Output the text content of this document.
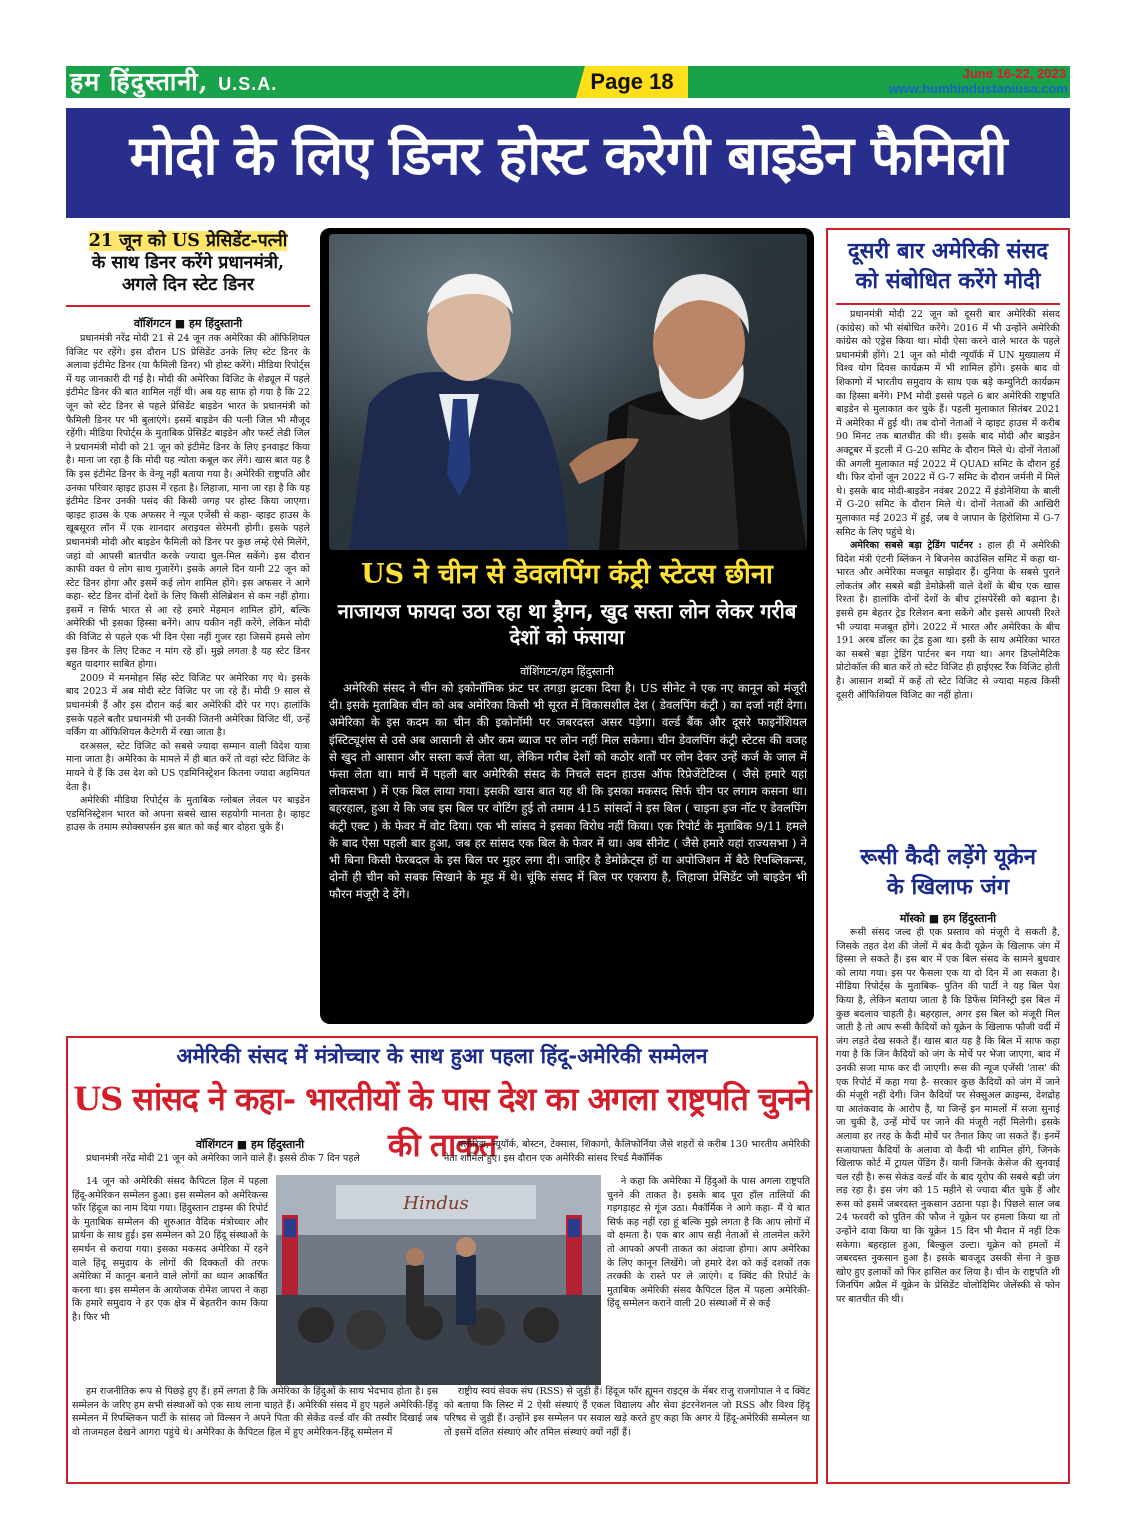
हम हिंदुस्तानी, U.S.A.	Page 18	June 16-22, 2023
www.humhindustaniusa.com
मोदी के लिए डिनर होस्ट करेगी बाइडेन फैमिली
21 जून को US प्रेसिडेंट-पत्नी
के साथ डिनर करेंगे प्रधानमंत्री,
अगले दिन स्टेट डिनर
वॉशिंगटन ■ हम हिंदुस्तानी

प्रधानमंत्री नरेंद्र मोदी 21 से 24 जून तक अमेरिका की ऑफिशियल विजिट पर रहेंगे। इस दौरान US प्रेसिडेंट उनके लिए स्टेट डिनर के अलावा इंटीमेट डिनर (या फैमिली डिनर) भी होस्ट करेंगे। मीडिया रिपोर्ट्स में यह जानकारी दी गई है। मोदी की अमेरिका विजिट के शेड्यूल में पहले इंटीमेट डिनर की बात शामिल नहीं थी। अब यह साफ हो गया है कि 22 जून को स्टेट डिनर से पहले प्रेसिडेंट बाइडेन भारत के प्रधानमंत्री को फैमिली डिनर पर भी बुलाएंगे। इसमें बाइडेन की पत्नी जिल भी मौजूद रहेंगी। मीडिया रिपोर्ट्स के मुताबिक प्रेसिडेंट बाइडेन और फर्स्ट लेडी जिल ने प्रधानमंत्री मोदी को 21 जून को इंटीमेट डिनर के लिए इनवाइट किया है। माना जा रहा है कि मोदी यह न्योता कबूल कर लेंगे। खास बात यह है कि इस इंटीमेट डिनर के वेन्यू नहीं बताया गया है। अमेरिकी राष्ट्रपति और उनका परिवार व्हाइट हाउस में रहता है। लिहाजा, माना जा रहा है कि यह इंटीमेट डिनर उनकी पसंद की किसी जगह पर होस्ट किया जाएगा। व्हाइट हाउस के एक अफसर ने न्यूज एजेंसी से कहा- व्हाइट हाउस के खूबसूरत लॉन में एक शानदार अराइवल सेरेमनी होगी। इसके पहले प्रधानमंत्री मोदी और बाइडेन फैमिली को डिनर पर कुछ लम्हे ऐसे मिलेंगे, जहां वो आपसी बातचीत करके ज्यादा घुल-मिल सकेंगे। इस दौरान काफी वक्त ये लोग साथ गुजारेंगे। इसके अगले दिन यानी 22 जून को स्टेट डिनर होगा और इसमें कई लोग शामिल होंगे। इस अफसर ने आगे कहा- स्टेट डिनर दोनों देशों के लिए किसी सेलिब्रेशन से कम नहीं होगा। इसमें न सिर्फ भारत से आ रहे हमारे मेहमान शामिल होंगे, बल्कि अमेरिकी भी इसका हिस्सा बनेंगे। आप यकीन नहीं करेंगे, लेकिन मोदी की विजिट से पहले एक भी दिन ऐसा नहीं गुजर रहा जिसमें हमसे लोग इस डिनर के लिए टिकट न मांग रहे हों। मुझे लगता है यह स्टेट डिनर बहुत यादगार साबित होगा।

2009 में मनमोहन सिंह स्टेट विजिट पर अमेरिका गए थे। इसके बाद 2023 में अब मोदी स्टेट विजिट पर जा रहे हैं। मोदी 9 साल से प्रधानमंत्री हैं और इस दौरान कई बार अमेरिकी दौरे पर गए। हालांकि इसके पहले बतौर प्रधानमंत्री भी उनकी जितनी अमेरिका विजिट थीं, उन्हें वर्किंग या ऑफिशियल कैटेगरी में रखा जाता है।

दरअसल, स्टेट विजिट को सबसे ज्यादा सम्मान वाली विदेश यात्रा माना जाता है। अमेरिका के मामले में ही बात करें तो वहां स्टेट विजिट के मायने ये हैं कि उस देश को US एडमिनिस्ट्रेशन कितना ज्यादा अहमियत देता है।

अमेरिकी मीडिया रिपोर्ट्स के मुताबिक ग्लोबल लेवल पर बाइडेन एडमिनिस्ट्रेशन भारत को अपना सबसे खास सहयोगी मानता है। व्हाइट हाउस के तमाम स्पोक्सपर्सन इस बात को कई बार दोहरा चुके हैं।

US ने चीन से डेवलपिंग कंट्री स्टेटस छीना
नाजायज फायदा उठा रहा था ड्रैगन, खुद सस्ता लोन लेकर गरीब देशों को फंसाया
वॉशिंगटन/हम हिंदुस्तानी

अमेरिकी संसद ने चीन को इकोनॉमिक फ्रंट पर तगड़ा झटका दिया है। US सीनेट ने एक नए कानून को मंजूरी दी। इसके मुताबिक चीन को अब अमेरिका किसी भी सूरत में विकासशील देश ( डेवलपिंग कंट्री ) का दर्जा नहीं देगा। अमेरिका के इस कदम का चीन की इकोनॉमी पर जबरदस्त असर पड़ेगा। वर्ल्ड बैंक और दूसरे फाइनेंशियल इंस्टिट्यूशंस से उसे अब आसानी से और कम ब्याज पर लोन नहीं मिल सकेगा। चीन डेवलपिंग कंट्री स्टेटस की वजह से खुद तो आसान और सस्ता कर्ज लेता था, लेकिन गरीब देशों को कठोर शर्तों पर लोन देकर उन्हें कर्ज के जाल में फंसा लेता था। मार्च में पहली बार अमेरिकी संसद के निचले सदन हाउस ऑफ रिप्रेजेंटेटिव्स ( जैसे हमारे यहां लोकसभा ) में एक बिल लाया गया। इसकी खास बात यह थी कि इसका मकसद सिर्फ चीन पर लगाम कसना था। बहरहाल, हुआ ये कि जब इस बिल पर वोटिंग हुई तो तमाम 415 सांसदों ने इस बिल ( चाइना इज नॉट ए डेवलपिंग कंट्री एक्ट ) के फेवर में वोट दिया। एक भी सांसद ने इसका विरोध नहीं किया। एक रिपोर्ट के मुताबिक 9/11 हमले के बाद ऐसा पहली बार हुआ, जब हर सांसद एक बिल के फेवर में था। अब सीनेट ( जैसे हमारे यहां राज्यसभा ) ने भी बिना किसी फेरबदल के इस बिल पर मुहर लगा दी। जाहिर है डेमोक्रेट्स हों या अपोजिशन में बैठे रिपब्लिकन्स, दोनों ही चीन को सबक सिखाने के मूड में थे। चूंकि संसद में बिल पर एकराय है, लिहाजा प्रेसिडेंट जो बाइडेन भी फौरन मंजूरी दे देंगे।

दूसरी बार अमेरिकी संसद
को संबोधित करेंगे मोदी

प्रधानमंत्री मोदी 22 जून को दूसरी बार अमेरिकी संसद (कांग्रेस) को भी संबोधित करेंगे। 2016 में भी उन्होंने अमेरिकी कांग्रेस को एड्रेस किया था। मोदी ऐसा करने वाले भारत के पहले प्रधानमंत्री होंगे। 21 जून को मोदी न्यूयॉर्क में UN मुख्यालय में विश्व योग दिवस कार्यक्रम में भी शामिल होंगे। इसके बाद वो शिकागो में भारतीय समुदाय के साथ एक बड़े कम्युनिटी कार्यक्रम का हिस्सा बनेंगे। PM मोदी इससे पहले 6 बार अमेरिकी राष्ट्रपति बाइडेन से मुलाकात कर चुके हैं। पहली मुलाकात सितंबर 2021 में अमेरिका में हुई थी। तब दोनों नेताओं ने व्हाइट हाउस में करीब 90 मिनट तक बातचीत की थी। इसके बाद मोदी और बाइडेन अक्टूबर में इटली में G-20 समिट के दौरान मिले थे। दोनों नेताओं की अगली मुलाकात मई 2022 में QUAD समिट के दौरान हुई थी। फिर दोनों जून 2022 में G-7 समिट के दौरान जर्मनी में मिले थे। इसके बाद मोदी-बाइडेन नवंबर 2022 में इंडोनेशिया के बाली में G-20 समिट के दौरान मिले थे। दोनों नेताओं की आखिरी मुलाकात मई 2023 में हुई, जब वे जापान के हिरोशिमा में G-7 समिट के लिए पहुंचे थे।

अमेरिका सबसे बड़ा ट्रेडिंग पार्टनर : हाल ही में अमेरिकी विदेश मंत्री एंटनी ब्लिंकन ने बिजनेस काउंसिल समिट में कहा था- भारत और अमेरिका मजबूत साझेदार हैं। दुनिया के सबसे पुराने लोकतंत्र और सबसे बड़ी डेमोक्रेसी वाले देशों के बीच एक खास रिश्ता है। हालांकि दोनों देशों के बीच ट्रांसपेरेंसी को बढ़ाना है। इससे हम बेहतर ट्रेड रिलेशन बना सकेंगे और इससे आपसी रिश्ते भी ज्यादा मजबूत होंगे। 2022 में भारत और अमेरिका के बीच 191 अरब डॉलर का ट्रेड हुआ था। इसी के साथ अमेरिका भारत का सबसे बड़ा ट्रेडिंग पार्टनर बन गया था। अगर डिप्लोमैटिक प्रोटोकॉल की बात करें तो स्टेट विजिट ही हाईएस्ट रैंक विजिट होती है। आसान शब्दों में कहें तो स्टेट विजिट से ज्यादा महत्व किसी दूसरी ऑफिशियल विजिट का नहीं होता।

रूसी कैदी लड़ेंगे यूक्रेन
के खिलाफ जंग
मॉस्को ■ हम हिंदुस्तानी

रूसी संसद जल्द ही एक प्रस्ताव को मंजूरी दे सकती है, जिसके तहत देश की जेलों में बंद कैदी यूक्रेन के खिलाफ जंग में हिस्सा ले सकते हैं। इस बार में एक बिल संसद के सामने बुधवार को लाया गया। इस पर फैसला एक या दो दिन में आ सकता है। मीडिया रिपोर्ट्स के मुताबिक- पुतिन की पार्टी ने यह बिल पेश किया है, लेकिन बताया जाता है कि डिफेंस मिनिस्ट्री इस बिल में कुछ बदलाव चाहती है। बहरहाल, अगर इस बिल को मंजूरी मिल जाती है तो आप रूसी कैदियों को यूक्रेन के खिलाफ फौजी वर्दी में जंग लड़ते देख सकते हैं। खास बात यह है कि बिल में साफ कहा गया है कि जिन कैदियों को जंग के मोर्चे पर भेजा जाएगा, बाद में उनकी सजा माफ कर दी जाएगी। रूस की न्यूज एजेंसी 'तास' की एक रिपोर्ट में कहा गया है- सरकार कुछ कैदियों को जंग में जाने की मंजूरी नहीं देगी। जिन कैदियों पर सेक्सुअल क्राइम्स, देशद्रोह या आतंकवाद के आरोप हैं, या जिन्हें इन मामलों में सजा सुनाई जा चुकी है, उन्हें मोर्चे पर जाने की मंजूरी नहीं मिलेगी। इसके अलावा हर तरह के कैदी मोर्चे पर तैनात किए जा सकते हैं। इनमें सजायाफ्ता कैदियों के अलावा वो कैदी भी शामिल होंगे, जिनके खिलाफ कोर्ट में ट्रायल पेंडिंग हैं। यानी जिनके केसेज की सुनवाई चल रही है। रूस सेकंड वर्ल्ड वॉर के बाद यूरोप की सबसे बड़ी जंग लड़ रहा है। इस जंग को 15 महीने से ज्यादा बीत चुके हैं और रूस को इसमें जबरदस्त नुकसान उठाना पड़ा है। पिछले साल जब 24 फरवरी को पुतिन की फौज ने यूक्रेन पर हमला किया था तो उन्होंने दावा किया था कि यूक्रेन 15 दिन भी मैदान में नहीं टिक सकेगा। बहरहाल हुआ, बिल्कुल उल्टा। यूक्रेन को हमलों में जबरदस्त नुकसान हुआ है। इसके बावजूद उसकी सेना ने कुछ खोए हुए इलाकों को फिर हासिल कर लिया है। चीन के राष्ट्रपति शी जिनपिंग अप्रैल में यूक्रेन के प्रेसिडेंट वोलोदिमिर जेलेंस्की से फोन पर बातचीत की थी।

अमेरिकी संसद में मंत्रोच्चार के साथ हुआ पहला हिंदू-अमेरिकी सम्मेलन
US सांसद ने कहा- भारतीयों के पास देश का अगला राष्ट्रपति चुनने की ताकत
वॉशिंगटन ■ हम हिंदुस्तानी

प्रधानमंत्री नरेंद्र मोदी 21 जून को अमेरिका जाने वाले हैं। इससे ठीक 7 दिन पहले

फ्लोरिडा, न्यूयॉर्क, बोस्टन, टेक्सास, शिकागो, कैलिफोर्निया जैसे शहरों से करीब 130 भारतीय अमेरिकी नेता शामिल हुए। इस दौरान एक अमेरिकी सांसद रिचर्ड मैकॉर्मिक

14 जून को अमेरिकी संसद कैपिटल हिल में पहला हिंदू-अमेरिकन सम्मेलन हुआ। इस सम्मेलन को अमेरिकन्स फॉर हिंदूज का नाम दिया गया। हिंदुस्तान टाइम्स की रिपोर्ट के मुताबिक सम्मेलन की शुरुआत वैदिक मंत्रोच्चार और प्रार्थना के साथ हुई। इस सम्मेलन को 20 हिंदू संस्थाओं के समर्थन से कराया गया। इसका मकसद अमेरिका में रहने वाले हिंदू समुदाय के लोगों की दिक्कतों की तरफ अमेरिका में कानून बनाने वाले लोगों का ध्यान आकर्षित करना था। इस सम्मेलन के आयोजक रोमेश जापरा ने कहा कि हमारे समुदाय ने हर एक क्षेत्र में बेहतरीन काम किया है। फिर भी

Hindus

ने कहा कि अमेरिका में हिंदुओं के पास अगला राष्ट्रपति चुनने की ताकत है। इसके बाद पूरा हॉल तालियों की गड़गड़ाहट से गूंज उठा। मैकॉर्मिक ने आगे कहा- मैं ये बात सिर्फ कह नहीं रहा हूं बल्कि मुझे लगता है कि आप लोगों में वो क्षमता है। एक बार आप सही नेताओं से तालमेल करेंगे तो आपको अपनी ताकत का अंदाजा होगा। आप अमेरिका के लिए कानून लिखेंगे। जो हमारे देश को कई दशकों तक तरक्की के रास्ते पर ले जाएंगे। द क्विंट की रिपोर्ट के मुताबिक अमेरिकी संसद कैपिटल हिल में पहला अमेरिकी-हिंदू सम्मेलन कराने वाली 20 संस्थाओं में से कई

हम राजनीतिक रूप से पिछड़े हुए हैं। हमें लगता है कि अमेरिका के हिंदुओं के साथ भेदभाव होता है। इस सम्मेलन के जरिए हम सभी संस्थाओं को एक साथ लाना चाहते हैं। अमेरिकी संसद में हुए पहले अमेरिकी-हिंदू सम्मेलन में रिपब्लिकन पार्टी के सांसद जो विल्सन ने अपने पिता की सेकेंड वर्ल्ड वॉर की तस्वीर दिखाई जब वो ताजमहल देखने आगरा पहुंचे थे। अमेरिका के कैपिटल हिल में हुए अमेरिकन-हिंदू सम्मेलन में

राष्ट्रीय स्वयं सेवक संघ (RSS) से जुड़ी हैं। हिंदूज फॉर ह्यूमन राइट्स के मेंबर राजु राजगोपाल ने द क्विंट को बताया कि लिस्ट में 2 ऐसी संस्थाएं हैं एकल विद्यालय और सेवा इंटरनेशनल जो RSS और विश्व हिंदू परिषद से जुड़ी हैं। उन्होंने इस सम्मेलन पर सवाल खड़े करते हुए कहा कि अगर ये हिंदू-अमेरिकी सम्मेलन था तो इसमें दलित संस्थाएं और तमिल संस्थाएं क्यों नहीं हैं।
